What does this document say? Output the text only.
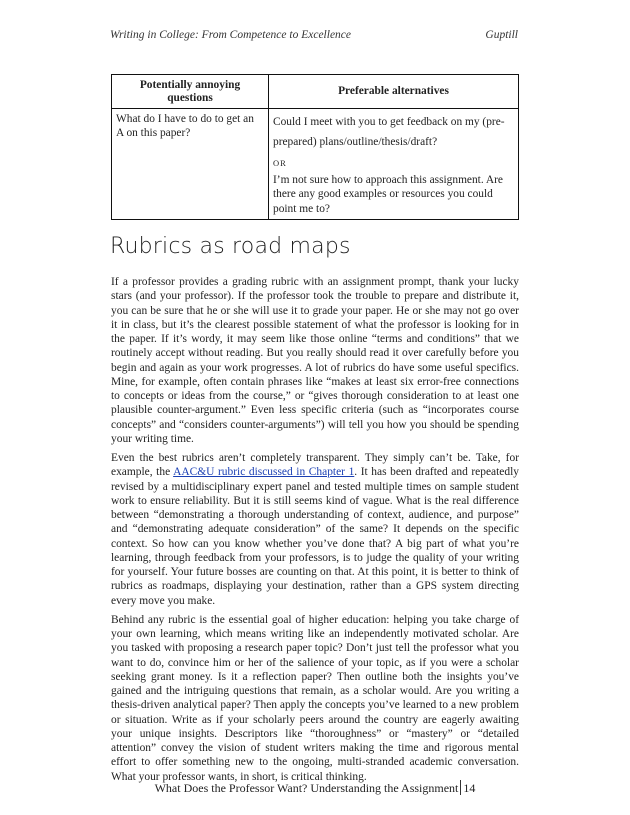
Writing in College: From Competence to Excellence	Guptill
Potentially annoying questions	Preferable alternatives
What do I have to do to get an A on this paper?	Could I meet with you to get feedback on my (pre-prepared) plans/outline/thesis/draft?

OR

I’m not sure how to approach this assignment. Are there any good examples or resources you could point me to?

Rubrics as road maps

If a professor provides a grading rubric with an assignment prompt, thank your lucky stars (and your professor). If the professor took the trouble to prepare and distribute it, you can be sure that he or she will use it to grade your paper. He or she may not go over it in class, but it’s the clearest possible statement of what the professor is looking for in the paper. If it’s wordy, it may seem like those online “terms and conditions” that we routinely accept without reading. But you really should read it over carefully before you begin and again as your work progresses. A lot of rubrics do have some useful specifics. Mine, for example, often contain phrases like “makes at least six error-free connections to concepts or ideas from the course,” or “gives thorough consideration to at least one plausible counter-argument.” Even less specific criteria (such as “incorporates course concepts” and “considers counter-arguments”) will tell you how you should be spending your writing time.

Even the best rubrics aren’t completely transparent. They simply can’t be. Take, for example, the AAC&U rubric discussed in Chapter 1. It has been drafted and repeatedly revised by a multidisciplinary expert panel and tested multiple times on sample student work to ensure reliability. But it is still seems kind of vague. What is the real difference between “demonstrating a thorough understanding of context, audience, and purpose” and “demonstrating adequate consideration” of the same? It depends on the specific context. So how can you know whether you’ve done that? A big part of what you’re learning, through feedback from your professors, is to judge the quality of your writing for yourself. Your future bosses are counting on that. At this point, it is better to think of rubrics as roadmaps, displaying your destination, rather than a GPS system directing every move you make.

Behind any rubric is the essential goal of higher education: helping you take charge of your own learning, which means writing like an independently motivated scholar. Are you tasked with proposing a research paper topic? Don’t just tell the professor what you want to do, convince him or her of the salience of your topic, as if you were a scholar seeking grant money. Is it a reflection paper? Then outline both the insights you’ve gained and the intriguing questions that remain, as a scholar would. Are you writing a thesis-driven analytical paper? Then apply the concepts you’ve learned to a new problem or situation. Write as if your scholarly peers around the country are eagerly awaiting your unique insights. Descriptors like “thoroughness” or “mastery” or “detailed attention” convey the vision of student writers making the time and rigorous mental effort to offer something new to the ongoing, multi-stranded academic conversation. What your professor wants, in short, is critical thinking.

What Does the Professor Want? Understanding the Assignment 14
